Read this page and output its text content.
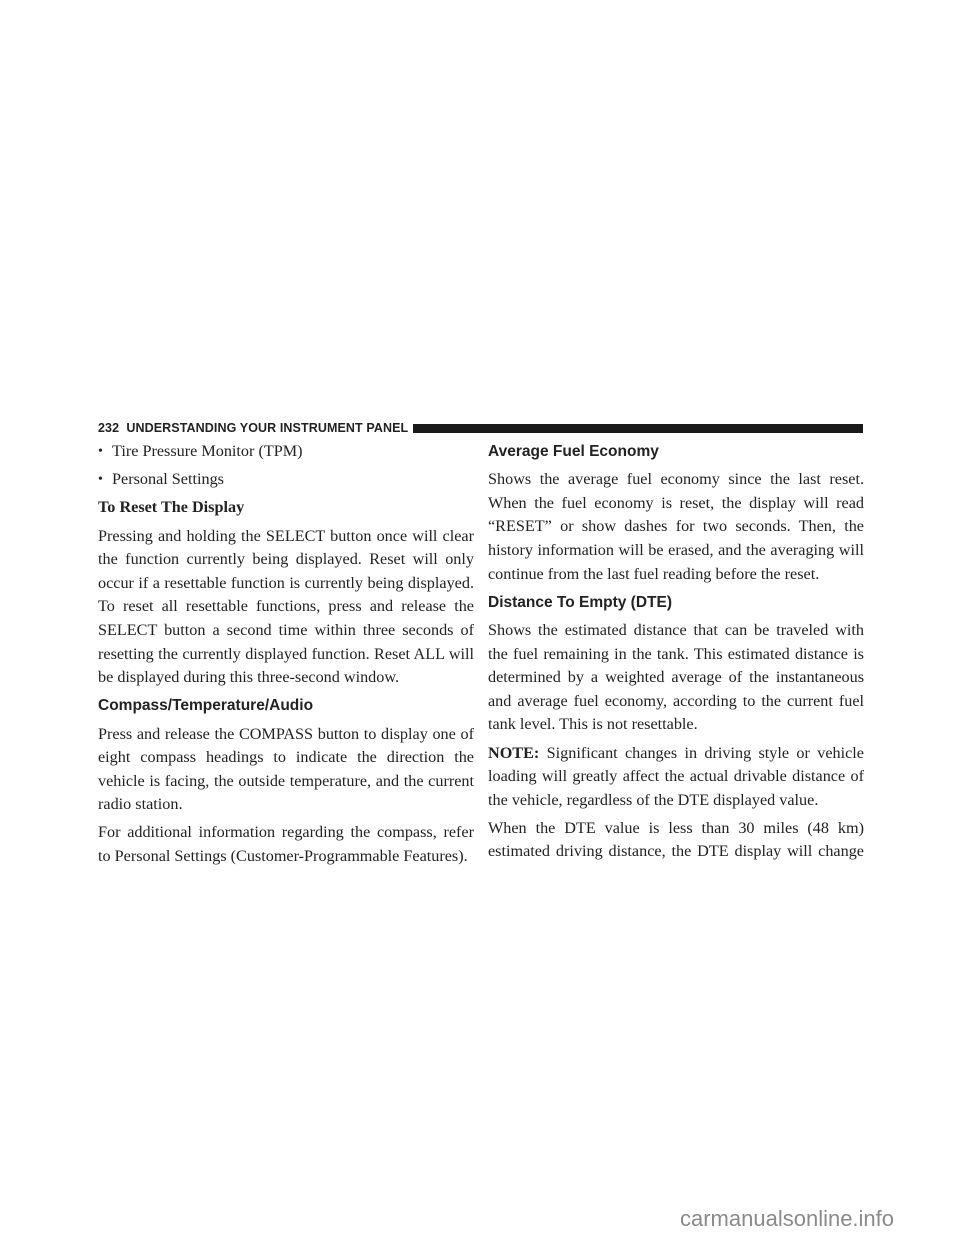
232 UNDERSTANDING YOUR INSTRUMENT PANEL
• Tire Pressure Monitor (TPM)
• Personal Settings
To Reset The Display
Pressing and holding the SELECT button once will clear
the function currently being displayed. Reset will only
occur if a resettable function is currently being displayed.
To reset all resettable functions, press and release the
SELECT button a second time within three seconds of
resetting the currently displayed function. Reset ALL will
be displayed during this three-second window.
Compass/Temperature/Audio
Press and release the COMPASS button to display one of
eight compass headings to indicate the direction the
vehicle is facing, the outside temperature, and the current
radio station.
For additional information regarding the compass, refer
to Personal Settings (Customer-Programmable Features).
Average Fuel Economy
Shows the average fuel economy since the last reset.
When the fuel economy is reset, the display will read
“RESET” or show dashes for two seconds. Then, the
history information will be erased, and the averaging will
continue from the last fuel reading before the reset.
Distance To Empty (DTE)
Shows the estimated distance that can be traveled with
the fuel remaining in the tank. This estimated distance is
determined by a weighted average of the instantaneous
and average fuel economy, according to the current fuel
tank level. This is not resettable.
NOTE: Significant changes in driving style or vehicle
loading will greatly affect the actual drivable distance of
the vehicle, regardless of the DTE displayed value.
When the DTE value is less than 30 miles (48 km)
estimated driving distance, the DTE display will change
carmanualsonline.info
